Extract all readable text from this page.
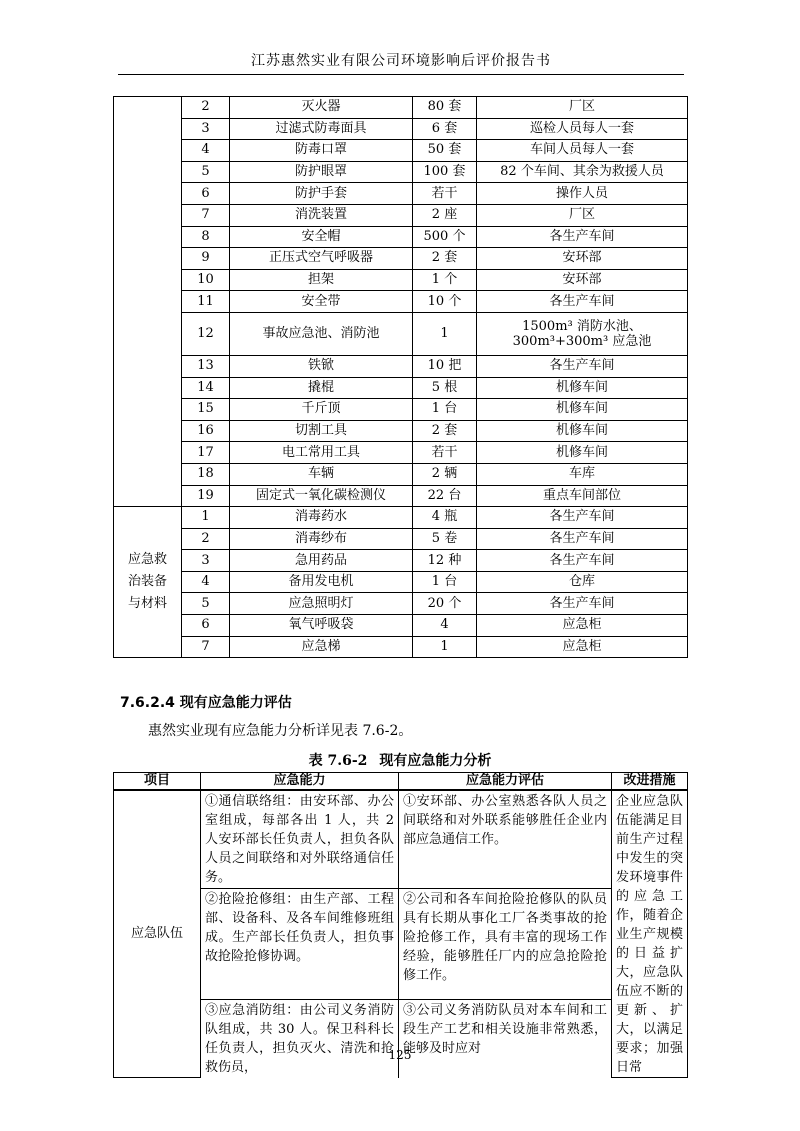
江苏惠然实业有限公司环境影响后评价报告书
	2	灭火器	80 套	厂区
	3	过滤式防毒面具	6 套	巡检人员每人一套
	4	防毒口罩	50 套	车间人员每人一套
	5	防护眼罩	100 套	82 个车间、其余为救援人员
	6	防护手套	若干	操作人员
	7	消洗装置	2 座	厂区
	8	安全帽	500 个	各生产车间
	9	正压式空气呼吸器	2 套	安环部
	10	担架	1 个	安环部
	11	安全带	10 个	各生产车间
	12	事故应急池、消防池	1	1500m³ 消防水池、300m³+300m³ 应急池
	13	铁锨	10 把	各生产车间
	14	撬棍	5 根	机修车间
	15	千斤顶	1 台	机修车间
	16	切割工具	2 套	机修车间
	17	电工常用工具	若干	机修车间
	18	车辆	2 辆	车库
	19	固定式一氧化碳检测仪	22 台	重点车间部位
应急救治装备与材料	1	消毒药水	4 瓶	各生产车间
	2	消毒纱布	5 卷	各生产车间
	3	急用药品	12 种	各生产车间
	4	备用发电机	1 台	仓库
	5	应急照明灯	20 个	各生产车间
	6	氧气呼吸袋	4	应急柜
	7	应急梯	1	应急柜
7.6.2.4 现有应急能力评估
惠然实业现有应急能力分析详见表 7.6-2。
表 7.6-2 现有应急能力分析
项目	应急能力	应急能力评估	改进措施
应急队伍	①通信联络组：由安环部、办公室组成，每部各出 1 人，共 2 人安环部长任负责人，担负各队人员之间联络和对外联络通信任务。	①安环部、办公室熟悉各队人员之间联络和对外联系能够胜任企业内部应急通信工作。	企业应急队伍能满足目前生产过程中发生的突发环境事件的应急工作，随着企业生产规模的日益扩大，应急队伍应不断的更新、扩大，以满足要求；加强日常
	②抢险抢修组：由生产部、工程部、设备科、及各车间维修班组成。生产部长任负责人，担负事故抢险抢修协调。	②公司和各车间抢险抢修队的队员具有长期从事化工厂各类事故的抢险抢修工作，具有丰富的现场工作经验，能够胜任厂内的应急抢险抢修工作。	
	③应急消防组：由公司义务消防队组成，共 30 人。保卫科科长任负责人，担负灭火、清洗和抢救伤员，	③公司义务消防队员对本车间和工段生产工艺和相关设施非常熟悉，能够及时应对	
125
